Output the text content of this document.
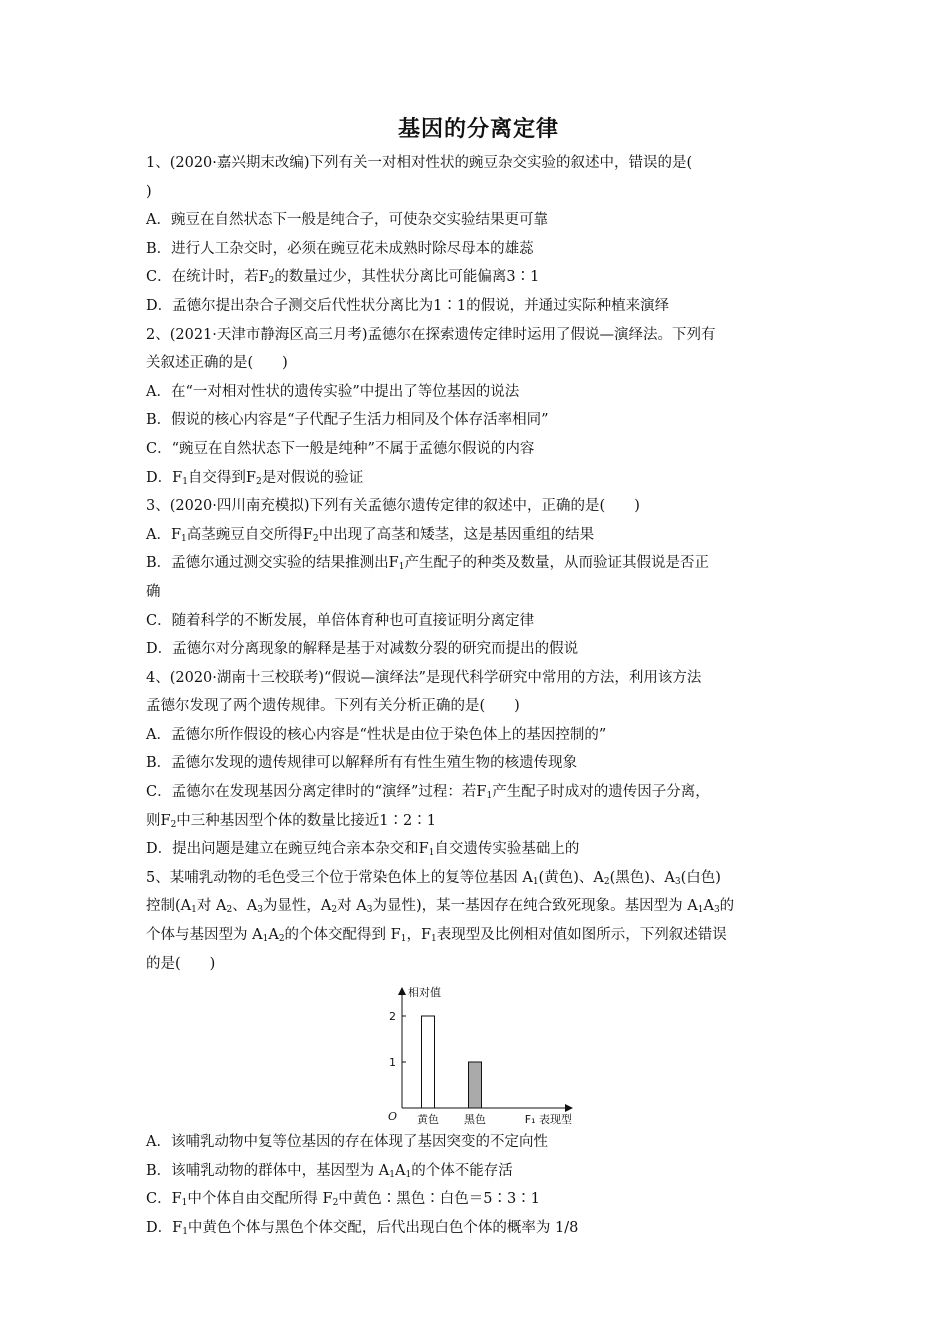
基因的分离定律
1、(2020·嘉兴期末改编)下列有关一对相对性状的豌豆杂交实验的叙述中，错误的是(
)
A．豌豆在自然状态下一般是纯合子，可使杂交实验结果更可靠
B．进行人工杂交时，必须在豌豆花未成熟时除尽母本的雄蕊
C．在统计时，若$F_2$的数量过少，其性状分离比可能偏离3∶1
D．孟德尔提出杂合子测交后代性状分离比为1∶1的假说，并通过实际种植来演绎
2、(2021·天津市静海区高三月考)孟德尔在探索遗传定律时运用了假说—演绎法。下列有
关叙述正确的是(　　)
A．在“一对相对性状的遗传实验”中提出了等位基因的说法
B．假说的核心内容是“子代配子生活力相同及个体存活率相同”
C．“豌豆在自然状态下一般是纯种”不属于孟德尔假说的内容
D．$F_1$自交得到$F_2$是对假说的验证
3、(2020·四川南充模拟)下列有关孟德尔遗传定律的叙述中，正确的是(　　)
A．$F_1$高茎豌豆自交所得$F_2$中出现了高茎和矮茎，这是基因重组的结果
B．孟德尔通过测交实验的结果推测出$F_1$产生配子的种类及数量，从而验证其假说是否正
确
C．随着科学的不断发展，单倍体育种也可直接证明分离定律
D．孟德尔对分离现象的解释是基于对减数分裂的研究而提出的假说
4、(2020·湖南十三校联考)“假说—演绎法”是现代科学研究中常用的方法，利用该方法
孟德尔发现了两个遗传规律。下列有关分析正确的是(　　)
A．孟德尔所作假设的核心内容是“性状是由位于染色体上的基因控制的”
B．孟德尔发现的遗传规律可以解释所有有性生殖生物的核遗传现象
C．孟德尔在发现基因分离定律时的“演绎”过程：若$F_1$产生配子时成对的遗传因子分离，
则$F_2$中三种基因型个体的数量比接近1∶2∶1
D．提出问题是建立在豌豆纯合亲本杂交和$F_1$自交遗传实验基础上的
5、某哺乳动物的毛色受三个位于常染色体上的复等位基因 $A_1$(黄色)、$A_2$(黑色)、$A_3$(白色)
控制($A_1$对 $A_2$、$A_3$为显性，$A_2$对 $A_3$为显性)，某一基因存在纯合致死现象。基因型为 $A_1A_3$的
个体与基因型为 $A_1A_2$的个体交配得到 $F_1$，$F_1$表现型及比例相对值如图所示，下列叙述错误
的是(　　)
相对值
O
1
2
黄色 黑色	F₁ 表现型
A．该哺乳动物中复等位基因的存在体现了基因突变的不定向性
B．该哺乳动物的群体中，基因型为 $A_1A_1$的个体不能存活
C．$F_1$中个体自由交配所得 $F_2$中黄色∶黑色∶白色＝5∶3∶1
D．$F_1$中黄色个体与黑色个体交配，后代出现白色个体的概率为 1/8
